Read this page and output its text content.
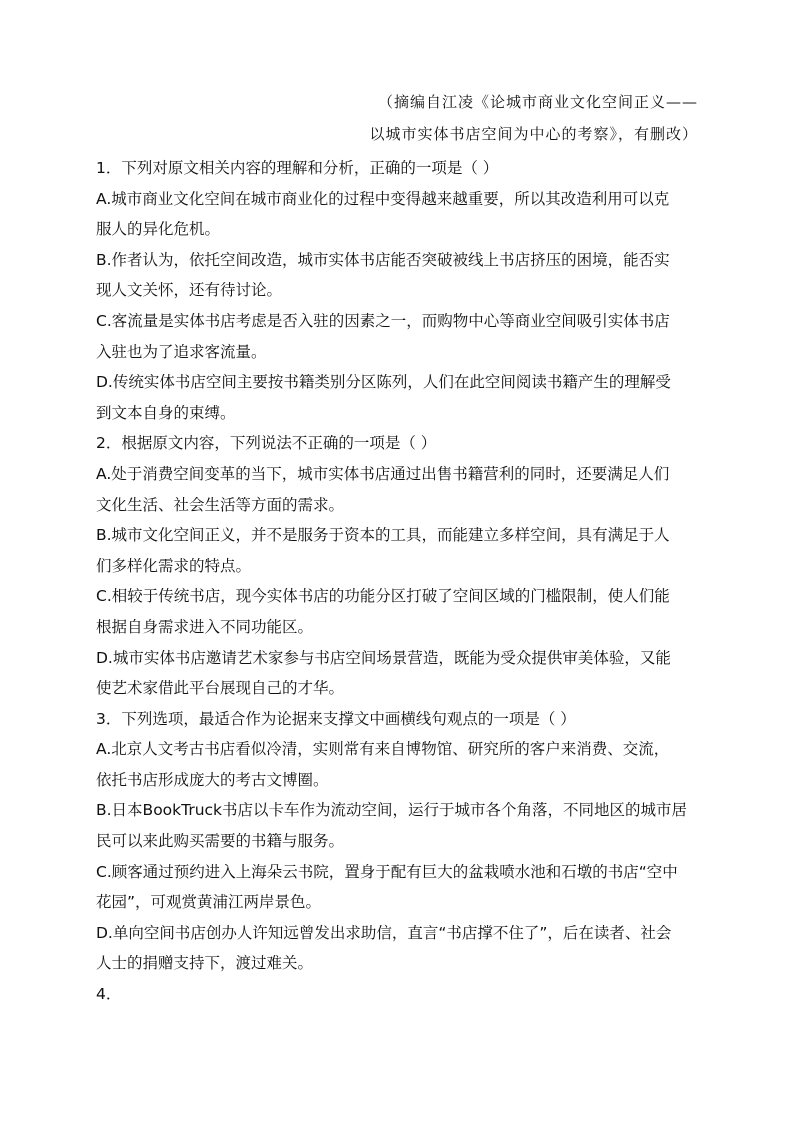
（摘编自江凌《论城市商业文化空间正义——
以城市实体书店空间为中心的考察》，有删改）
1．下列对原文相关内容的理解和分析，正确的一项是（ ）
A.城市商业文化空间在城市商业化的过程中变得越来越重要，所以其改造利用可以克
服人的异化危机。
B.作者认为，依托空间改造，城市实体书店能否突破被线上书店挤压的困境，能否实
现人文关怀，还有待讨论。
C.客流量是实体书店考虑是否入驻的因素之一，而购物中心等商业空间吸引实体书店
入驻也为了追求客流量。
D.传统实体书店空间主要按书籍类别分区陈列，人们在此空间阅读书籍产生的理解受
到文本自身的束缚。
2．根据原文内容，下列说法不正确的一项是（ ）
A.处于消费空间变革的当下，城市实体书店通过出售书籍营利的同时，还要满足人们
文化生活、社会生活等方面的需求。
B.城市文化空间正义，并不是服务于资本的工具，而能建立多样空间，具有满足于人
们多样化需求的特点。
C.相较于传统书店，现今实体书店的功能分区打破了空间区域的门槛限制，使人们能
根据自身需求进入不同功能区。
D.城市实体书店邀请艺术家参与书店空间场景营造，既能为受众提供审美体验，又能
使艺术家借此平台展现自己的才华。
3．下列选项，最适合作为论据来支撑文中画横线句观点的一项是（ ）
A.北京人文考古书店看似冷清，实则常有来自博物馆、研究所的客户来消费、交流，
依托书店形成庞大的考古文博圈。
B.日本BookTruck书店以卡车作为流动空间，运行于城市各个角落，不同地区的城市居
民可以来此购买需要的书籍与服务。
C.顾客通过预约进入上海朵云书院，置身于配有巨大的盆栽喷水池和石墩的书店“空中
花园”，可观赏黄浦江两岸景色。
D.单向空间书店创办人许知远曾发出求助信，直言“书店撑不住了”，后在读者、社会
人士的捐赠支持下，渡过难关。
4．
